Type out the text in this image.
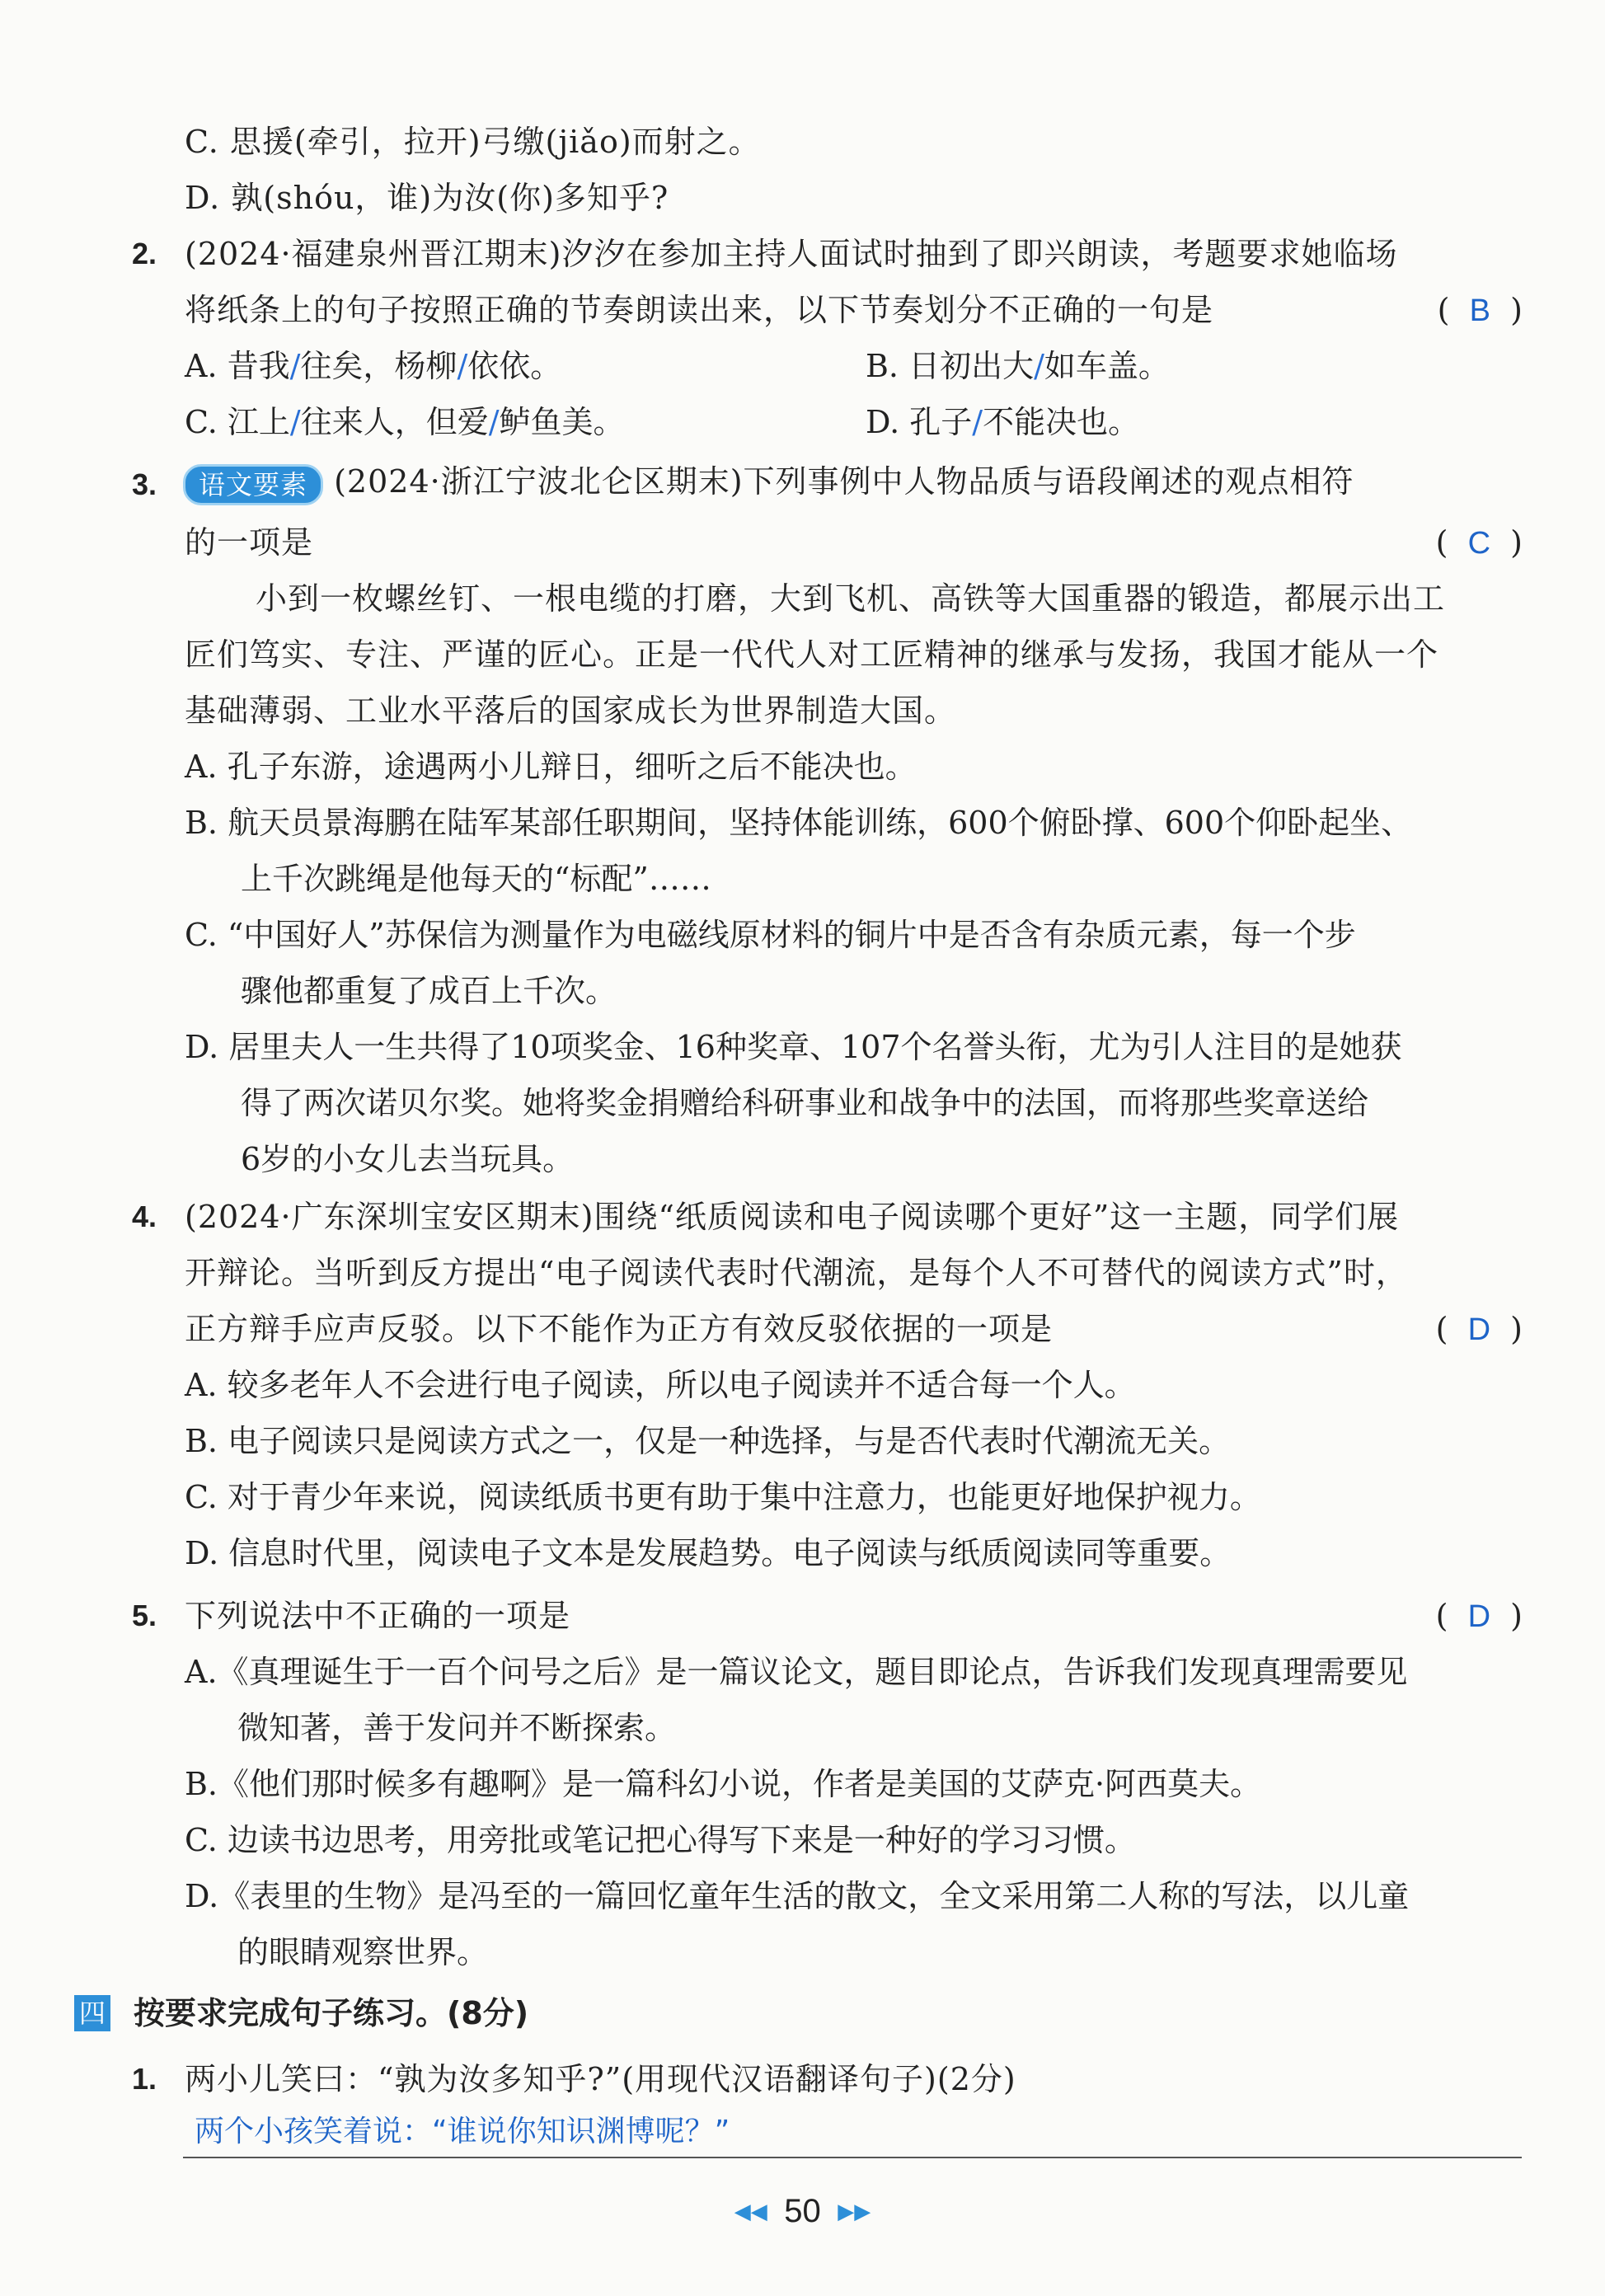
C. 思援(牵引，拉开)弓缴(jiǎo)而射之。
D. 孰(shóu，谁)为汝(你)多知乎?
2. (2024·福建泉州晋江期末)汐汐在参加主持人面试时抽到了即兴朗读，考题要求她临场
将纸条上的句子按照正确的节奏朗读出来，以下节奏划分不正确的一句是	(  B  )
A. 昔我/往矣，杨柳/依依。	B. 日初出大/如车盖。
C. 江上/往来人，但爱/鲈鱼美。	D. 孔子/不能决也。
3.	语文要素 (2024·浙江宁波北仑区期末)下列事例中人物品质与语段阐述的观点相符
的一项是	(  C  )
小到一枚螺丝钉、一根电缆的打磨，大到飞机、高铁等大国重器的锻造，都展示出工
匠们笃实、专注、严谨的匠心。正是一代代人对工匠精神的继承与发扬，我国才能从一个
基础薄弱、工业水平落后的国家成长为世界制造大国。
A. 孔子东游，途遇两小儿辩日，细听之后不能决也。
B. 航天员景海鹏在陆军某部任职期间，坚持体能训练，600个俯卧撑、600个仰卧起坐、
上千次跳绳是他每天的“标配”……
C. “中国好人”苏保信为测量作为电磁线原材料的铜片中是否含有杂质元素，每一个步
骤他都重复了成百上千次。
D. 居里夫人一生共得了10项奖金、16种奖章、107个名誉头衔，尤为引人注目的是她获
得了两次诺贝尔奖。她将奖金捐赠给科研事业和战争中的法国，而将那些奖章送给
6岁的小女儿去当玩具。
4. (2024·广东深圳宝安区期末)围绕“纸质阅读和电子阅读哪个更好”这一主题，同学们展
开辩论。当听到反方提出“电子阅读代表时代潮流，是每个人不可替代的阅读方式”时，
正方辩手应声反驳。以下不能作为正方有效反驳依据的一项是	(  D  )
A. 较多老年人不会进行电子阅读，所以电子阅读并不适合每一个人。
B. 电子阅读只是阅读方式之一，仅是一种选择，与是否代表时代潮流无关。
C. 对于青少年来说，阅读纸质书更有助于集中注意力，也能更好地保护视力。
D. 信息时代里，阅读电子文本是发展趋势。电子阅读与纸质阅读同等重要。
5. 下列说法中不正确的一项是	(  D  )
A.《真理诞生于一百个问号之后》是一篇议论文，题目即论点，告诉我们发现真理需要见
微知著，善于发问并不断探索。
B.《他们那时候多有趣啊》是一篇科幻小说，作者是美国的艾萨克·阿西莫夫。
C. 边读书边思考，用旁批或笔记把心得写下来是一种好的学习习惯。
D.《表里的生物》是冯至的一篇回忆童年生活的散文，全文采用第二人称的写法，以儿童
的眼睛观察世界。
四 按要求完成句子练习。(8分)
1. 两小儿笑曰：“孰为汝多知乎?”(用现代汉语翻译句子)(2分)
两个小孩笑着说：“谁说你知识渊博呢？”
◀◀ 50 ▶▶
